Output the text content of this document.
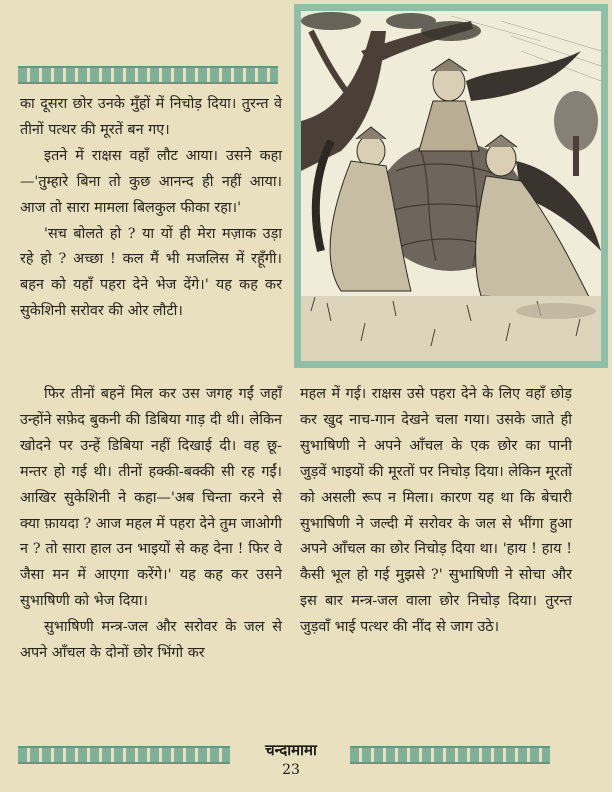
का दूसरा छोर उनके मुँहों में निचोड़ दिया। तुरन्त वे तीनों पत्थर की मूरतें बन गए।

इतने में राक्षस वहाँ लौट आया। उसने कहा—'तुम्हारे बिना तो कुछ आनन्द ही नहीं आया। आज तो सारा मामला बिलकुल फीका रहा।'

'सच बोलते हो ? या यों ही मेरा मज़ाक उड़ा रहे हो ? अच्छा ! कल मैं भी मजलिस में रहूँगी। बहन को यहाँ पहरा देने भेज देंगे।' यह कह कर सुकेशिनी सरोवर की ओर लौटी।

फिर तीनों बहनें मिल कर उस जगह गईं जहाँ उन्होंने सफ़ेद बुकनी की डिबिया गाड़ दी थी। लेकिन खोदने पर उन्हें डिबिया नहीं दिखाई दी। वह छू-मन्तर हो गई थी। तीनों हक्की-बक्की सी रह गईं। आखिर सुकेशिनी ने कहा—'अब चिन्ता करने से क्या फ़ायदा ? आज महल में पहरा देने तुम जाओगी न ? तो सारा हाल उन भाइयों से कह देना ! फिर वे जैसा मन में आएगा करेंगे।' यह कह कर उसने सुभाषिणी को भेज दिया।

सुभाषिणी मन्त्र-जल और सरोवर के जल से अपने आँचल के दोनों छोर भिंगो कर

महल में गई। राक्षस उसे पहरा देने के लिए वहाँ छोड़ कर खुद नाच-गान देखने चला गया। उसके जाते ही सुभाषिणी ने अपने आँचल के एक छोर का पानी जुड़वें भाइयों की मूरतों पर निचोड़ दिया। लेकिन मूरतों को असली रूप न मिला। कारण यह था कि बेचारी सुभाषिणी ने जल्दी में सरोवर के जल से भींगा हुआ अपने आँचल का छोर निचोड़ दिया था। 'हाय ! हाय ! कैसी भूल हो गई मुझसे ?' सुभाषिणी ने सोचा और इस बार मन्त्र-जल वाला छोर निचोड़ दिया। तुरन्त जुड़वाँ भाई पत्थर की नींद से जाग उठे।

चन्दामामा
23
